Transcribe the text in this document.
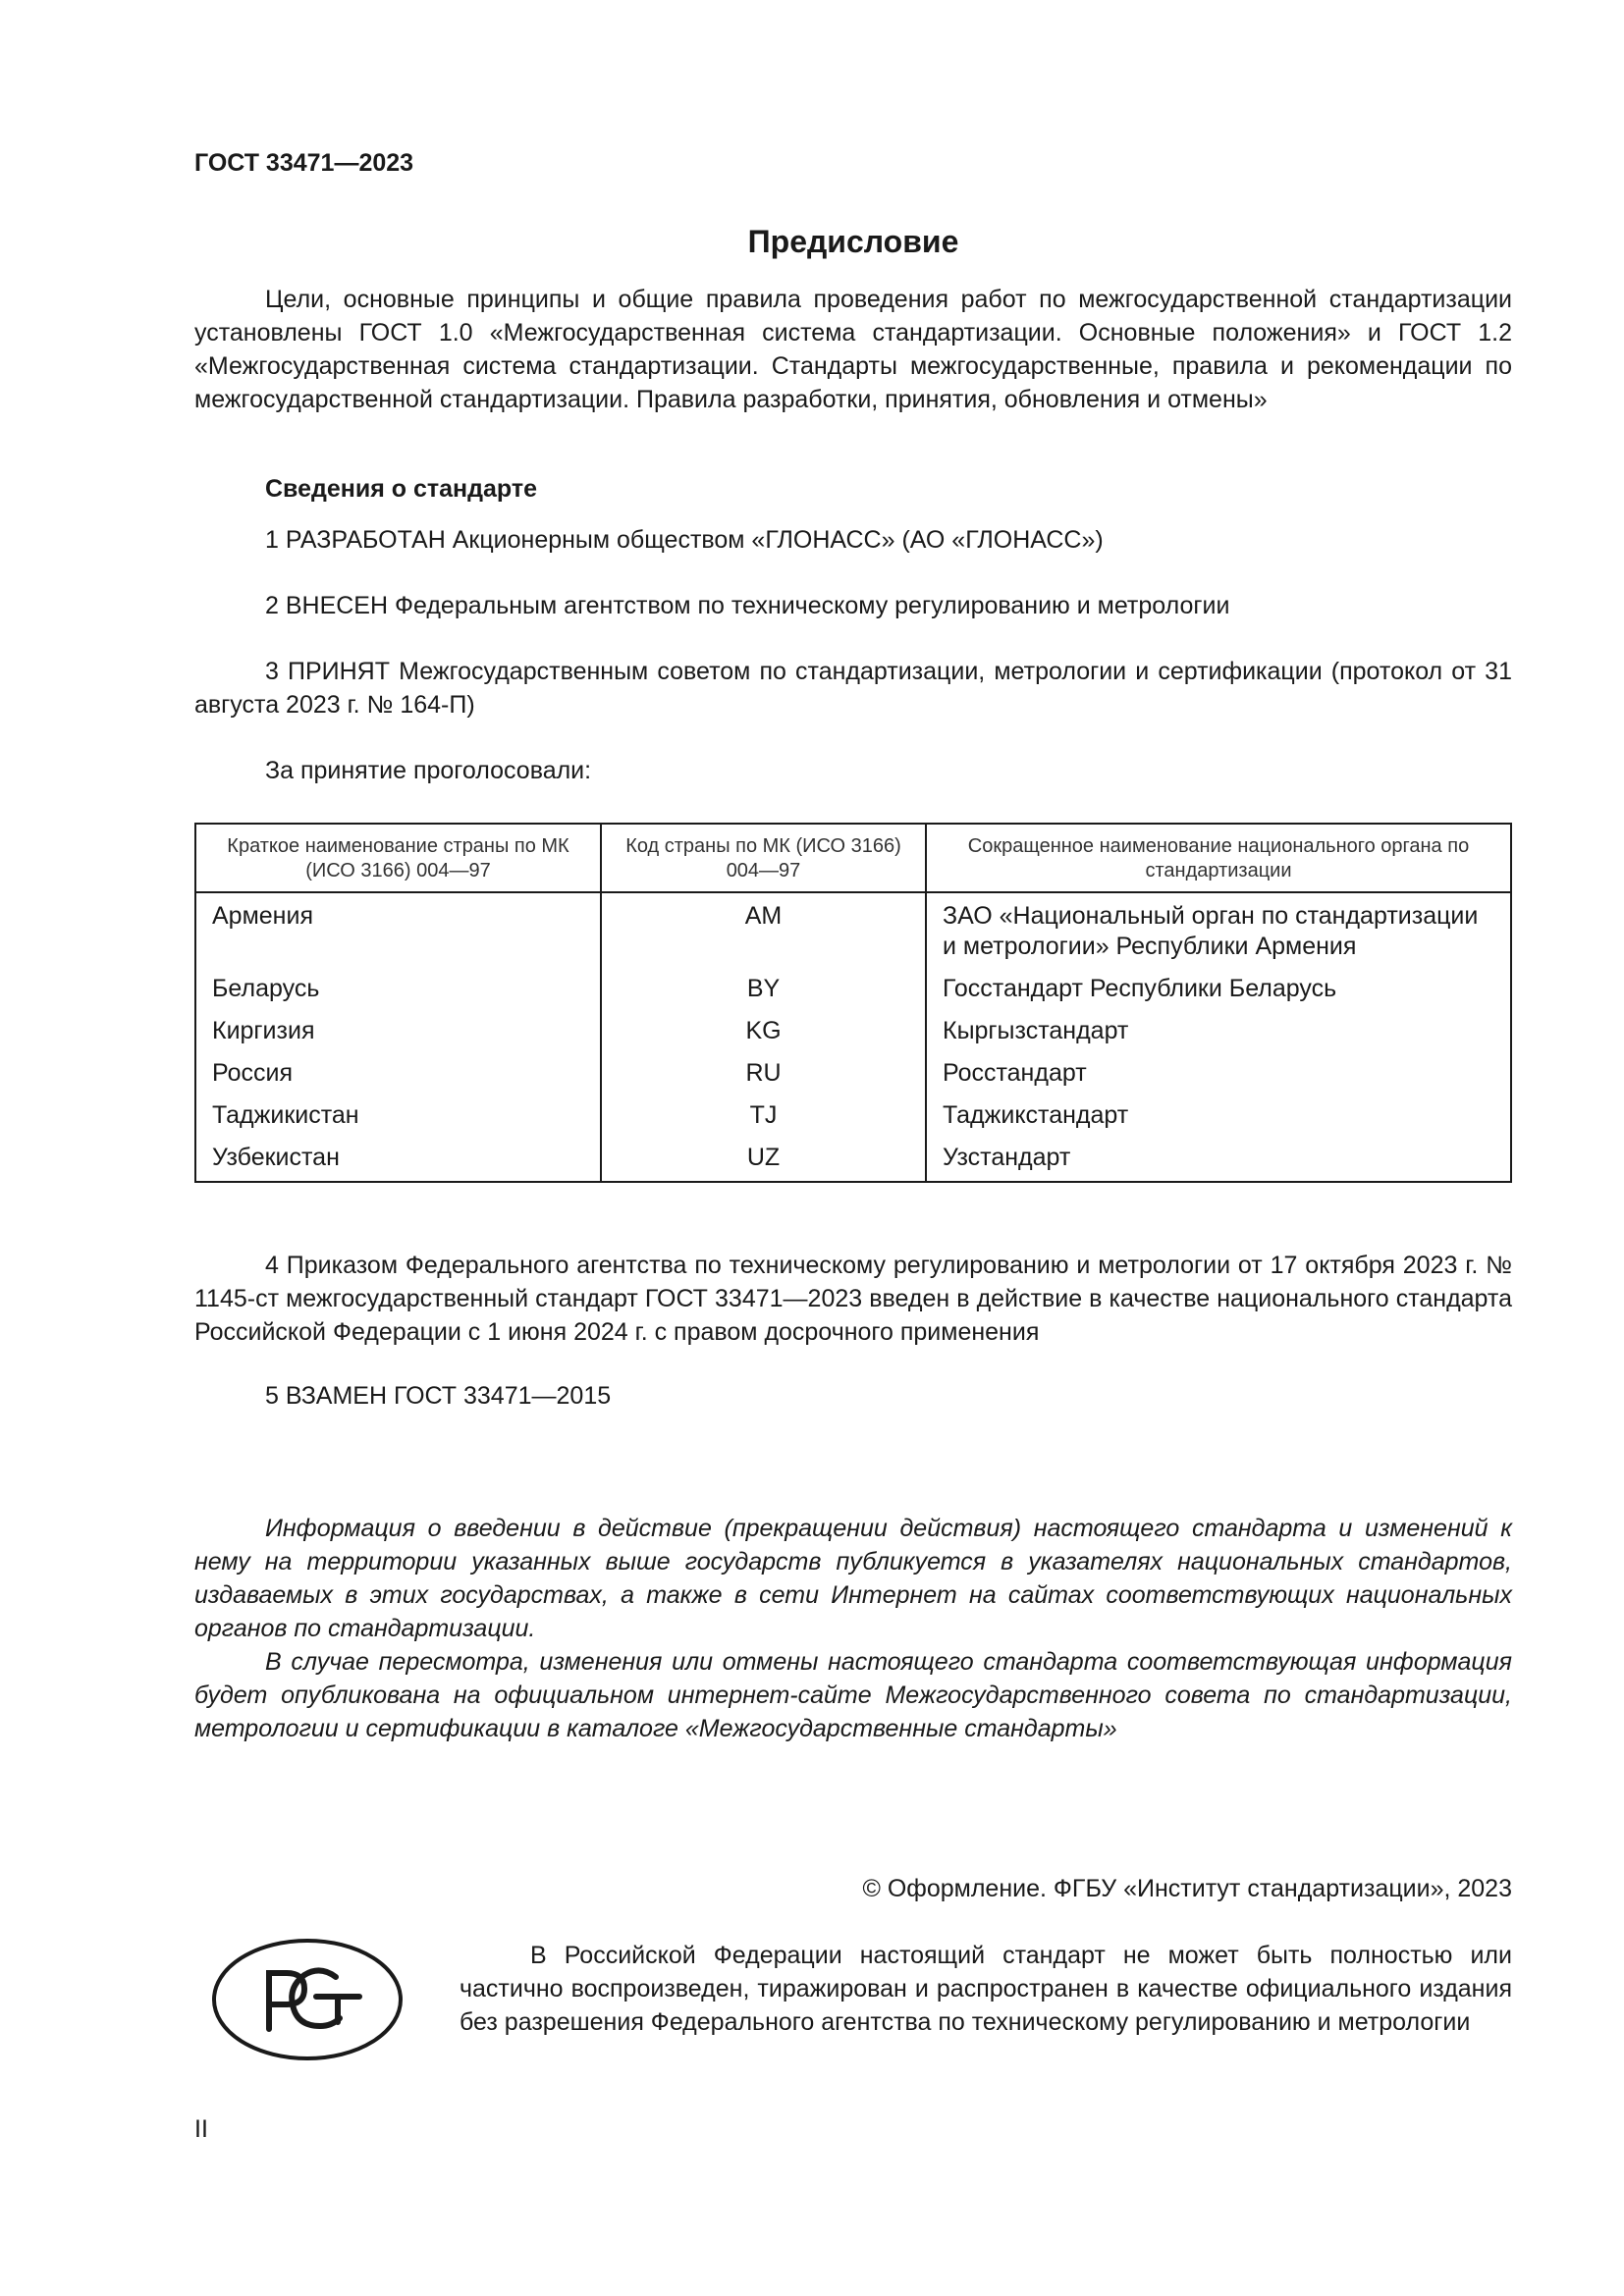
ГОСТ 33471—2023
Предисловие

Цели, основные принципы и общие правила проведения работ по межгосударственной стандартизации установлены ГОСТ 1.0 «Межгосударственная система стандартизации. Основные положения» и ГОСТ 1.2 «Межгосударственная система стандартизации. Стандарты межгосударственные, правила и рекомендации по межгосударственной стандартизации. Правила разработки, принятия, обновления и отмены»

Сведения о стандарте

1 РАЗРАБОТАН Акционерным обществом «ГЛОНАСС» (АО «ГЛОНАСС»)

2 ВНЕСЕН Федеральным агентством по техническому регулированию и метрологии

3 ПРИНЯТ Межгосударственным советом по стандартизации, метрологии и сертификации (протокол от 31 августа 2023 г. № 164-П)

За принятие проголосовали:

Краткое наименование страны по МК (ИСО 3166) 004—97	Код страны по МК (ИСО 3166) 004—97	Сокращенное наименование национального органа по стандартизации
Армения	AM	ЗАО «Национальный орган по стандартизации и метрологии» Республики Армения
Беларусь	BY	Госстандарт Республики Беларусь
Киргизия	KG	Кыргызстандарт
Россия	RU	Росстандарт
Таджикистан	TJ	Таджикстандарт
Узбекистан	UZ	Узстандарт

4 Приказом Федерального агентства по техническому регулированию и метрологии от 17 октября 2023 г. № 1145-ст межгосударственный стандарт ГОСТ 33471—2023 введен в действие в качестве национального стандарта Российской Федерации с 1 июня 2024 г. с правом досрочного применения

5 ВЗАМЕН ГОСТ 33471—2015

Информация о введении в действие (прекращении действия) настоящего стандарта и изменений к нему на территории указанных выше государств публикуется в указателях национальных стандартов, издаваемых в этих государствах, а также в сети Интернет на сайтах соответствующих национальных органов по стандартизации.

В случае пересмотра, изменения или отмены настоящего стандарта соответствующая информация будет опубликована на официальном интернет-сайте Межгосударственного совета по стандартизации, метрологии и сертификации в каталоге «Межгосударственные стандарты»

© Оформление. ФГБУ «Институт стандартизации», 2023

В Российской Федерации настоящий стандарт не может быть полностью или частично воспроизведен, тиражирован и распространен в качестве официального издания без разрешения Федерального агентства по техническому регулированию и метрологии

II
